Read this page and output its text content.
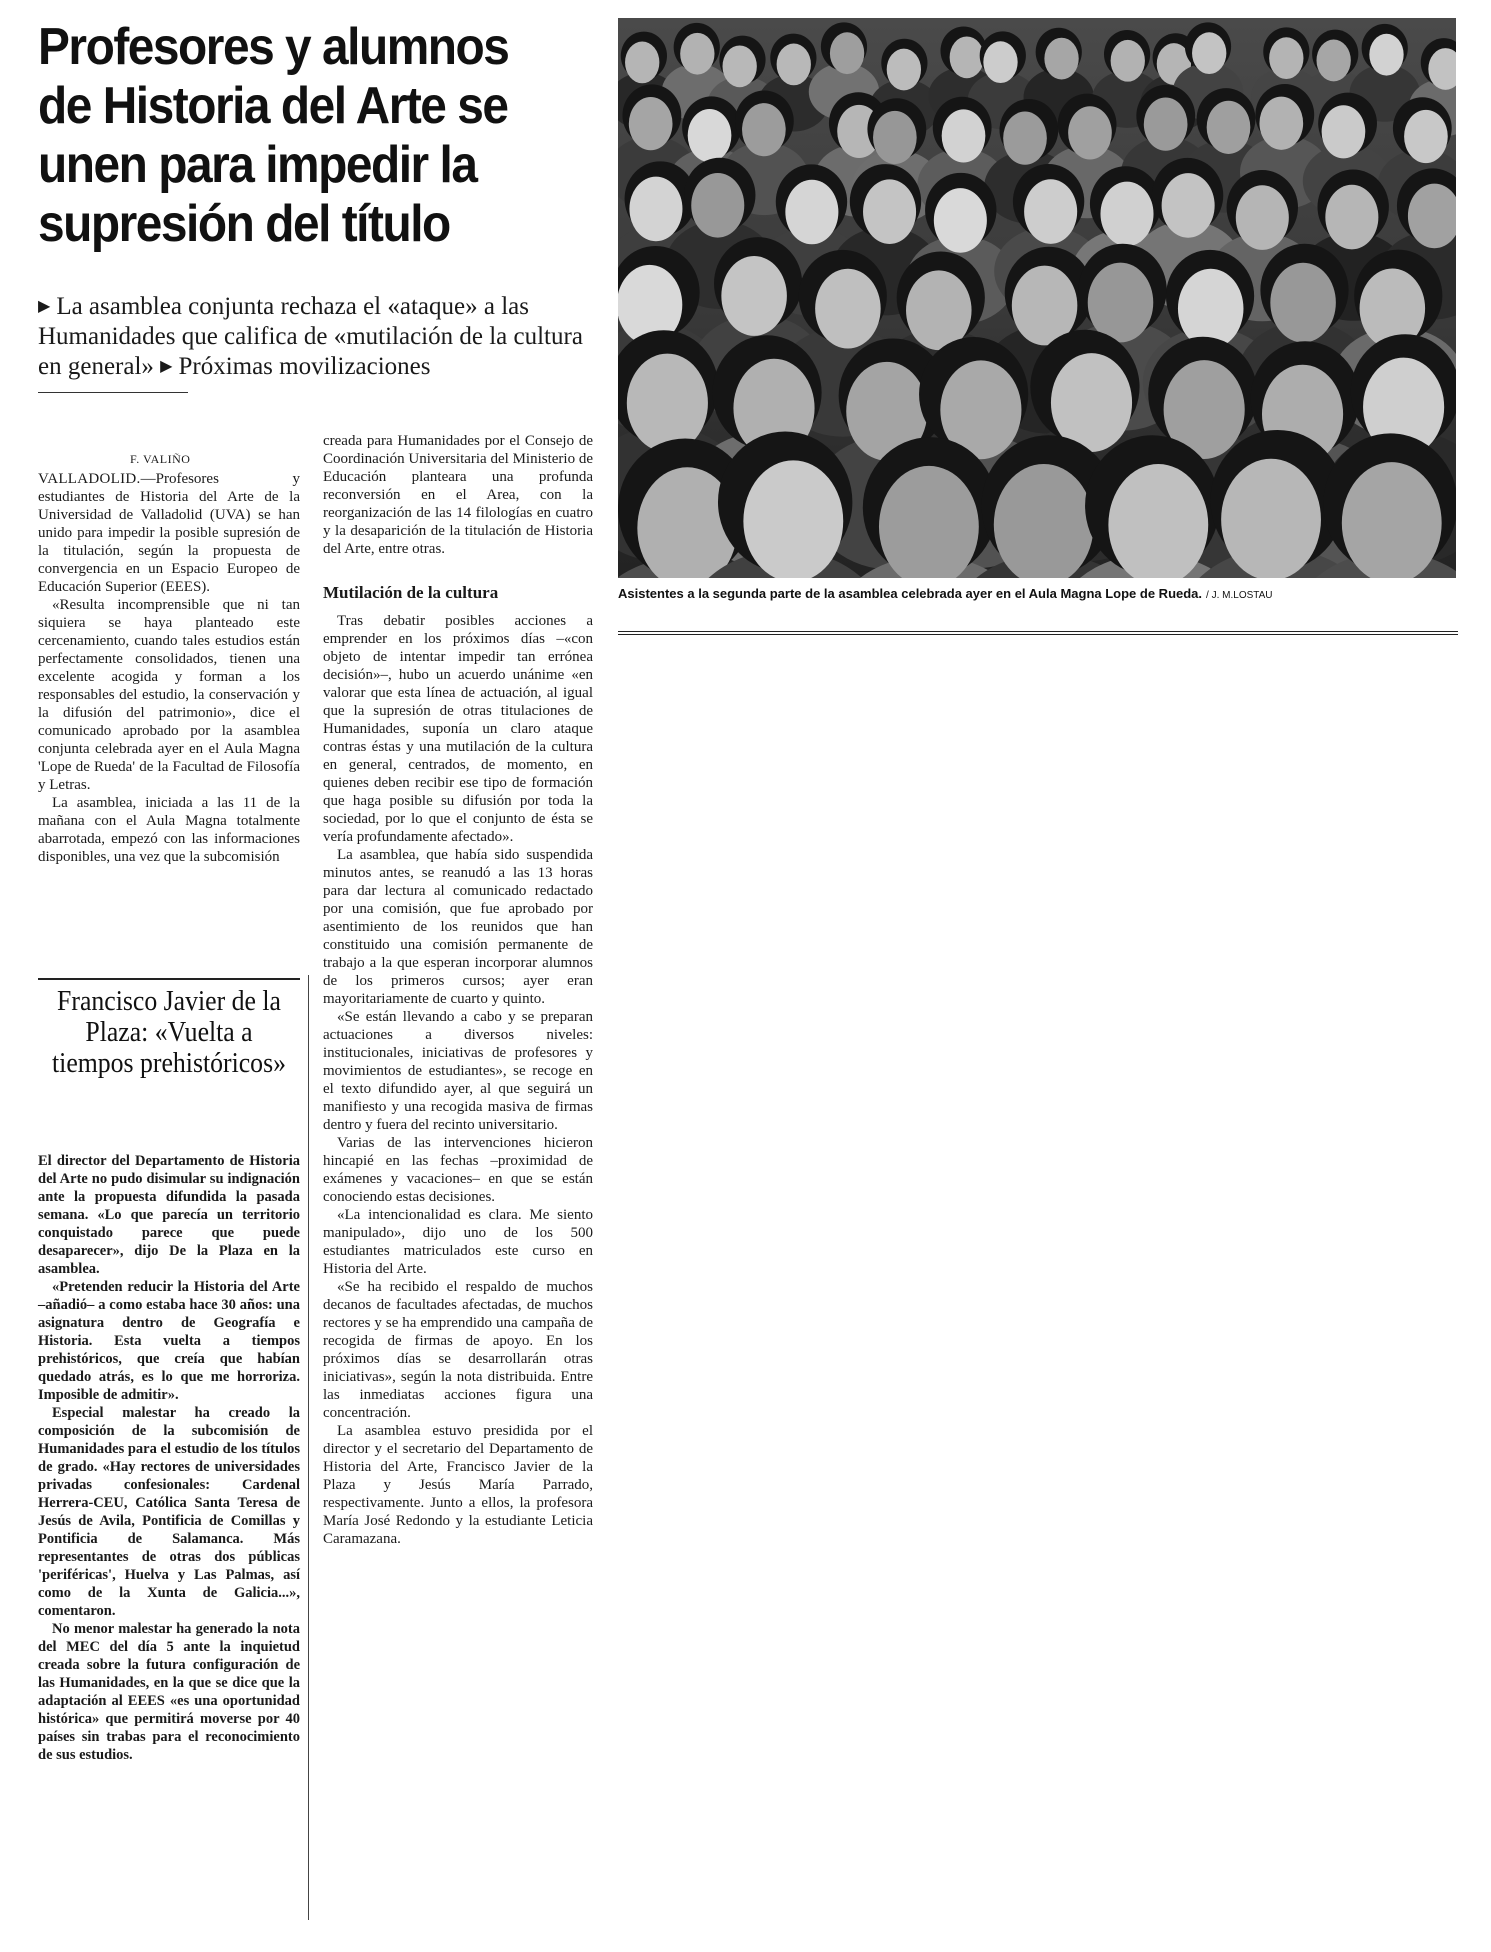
Profesores y alumnos de Historia del Arte se unen para impedir la supresión del título
▶ La asamblea conjunta rechaza el «ataque» a las Humanidades que califica de «mutilación de la cultura en general» ▶ Próximas movilizaciones
Asistentes a la segunda parte de la asamblea celebrada ayer en el Aula Magna Lope de Rueda. / J. M.LOSTAU
F. VALIÑO

VALLADOLID.—Profesores y estudiantes de Historia del Arte de la Universidad de Valladolid (UVA) se han unido para impedir la posible supresión de la titulación, según la propuesta de convergencia en un Espacio Europeo de Educación Superior (EEES).

«Resulta incomprensible que ni tan siquiera se haya planteado este cercenamiento, cuando tales estudios están perfectamente consolidados, tienen una excelente acogida y forman a los responsables del estudio, la conservación y la difusión del patrimonio», dice el comunicado aprobado por la asamblea conjunta celebrada ayer en el Aula Magna 'Lope de Rueda' de la Facultad de Filosofía y Letras.

La asamblea, iniciada a las 11 de la mañana con el Aula Magna totalmente abarrotada, empezó con las informaciones disponibles, una vez que la subcomisión

creada para Humanidades por el Consejo de Coordinación Universitaria del Ministerio de Educación plantearа una profunda reconversión en el Area, con la reorganización de las 14 filologías en cuatro y la desaparición de la titulación de Historia del Arte, entre otras.

Mutilación de la cultura

Tras debatir posibles acciones a emprender en los próximos días –«con objeto de intentar impedir tan errónea decisión»–, hubo un acuerdo unánime «en valorar que esta línea de actuación, al igual que la supresión de otras titulaciones de Humanidades, suponía un claro ataque contras éstas y una mutilación de la cultura en general, centrados, de momento, en quienes deben recibir ese tipo de formación que haga posible su difusión por toda la sociedad, por lo que el conjunto de ésta se vería profundamente afectado».

La asamblea, que había sido suspendida minutos antes, se reanudó a las 13 horas para dar lectura al comunicado redactado por una comisión, que fue aprobado por asentimiento de los reunidos que han constituido una comisión permanente de trabajo a la que esperan incorporar alumnos de los primeros cursos; ayer eran mayoritariamente de cuarto y quinto.

«Se están llevando a cabo y se preparan actuaciones a diversos niveles: institucionales, iniciativas de profesores y movimientos de estudiantes», se recoge en el texto difundido ayer, al que seguirá un manifiesto y una recogida masiva de firmas dentro y fuera del recinto universitario.

Varias de las intervenciones hicieron hincapié en las fechas –proximidad de exámenes y vacaciones– en que se están conociendo estas decisiones.

«La intencionalidad es clara. Me siento manipulado», dijo uno de los 500 estudiantes matriculados este curso en Historia del Arte.

«Se ha recibido el respaldo de muchos decanos de facultades afectadas, de muchos rectores y se ha emprendido una campaña de recogida de firmas de apoyo. En los próximos días se desarrollarán otras iniciativas», según la nota distribuida. Entre las inmediatas acciones figura una concentración.

La asamblea estuvo presidida por el director y el secretario del Departamento de Historia del Arte, Francisco Javier de la Plaza y Jesús María Parrado, respectivamente. Junto a ellos, la profesora María José Redondo y la estudiante Leticia Caramazana.

Francisco Javier de la Plaza: «Vuelta a tiempos prehistóricos»

El director del Departamento de Historia del Arte no pudo disimular su indignación ante la propuesta difundida la pasada semana. «Lo que parecía un territorio conquistado parece que puede desaparecer», dijo De la Plaza en la asamblea.

«Pretenden reducir la Historia del Arte –añadió– a como estaba hace 30 años: una asignatura dentro de Geografía e Historia. Esta vuelta a tiempos prehistóricos, que creía que habían quedado atrás, es lo que me horroriza. Imposible de admitir».

Especial malestar ha creado la composición de la subcomisión de Humanidades para el estudio de los títulos de grado. «Hay rectores de universidades privadas confesionales: Cardenal Herrera-CEU, Católica Santa Teresa de Jesús de Avila, Pontificia de Comillas y Pontificia de Salamanca. Más representantes de otras dos públicas 'periféricas', Huelva y Las Palmas, así como de la Xunta de Galicia...», comentaron.

No menor malestar ha generado la nota del MEC del día 5 ante la inquietud creada sobre la futura configuración de las Humanidades, en la que se dice que la adaptación al EEES «es una oportunidad histórica» que permitirá moverse por 40 países sin trabas para el reconocimiento de sus estudios.
